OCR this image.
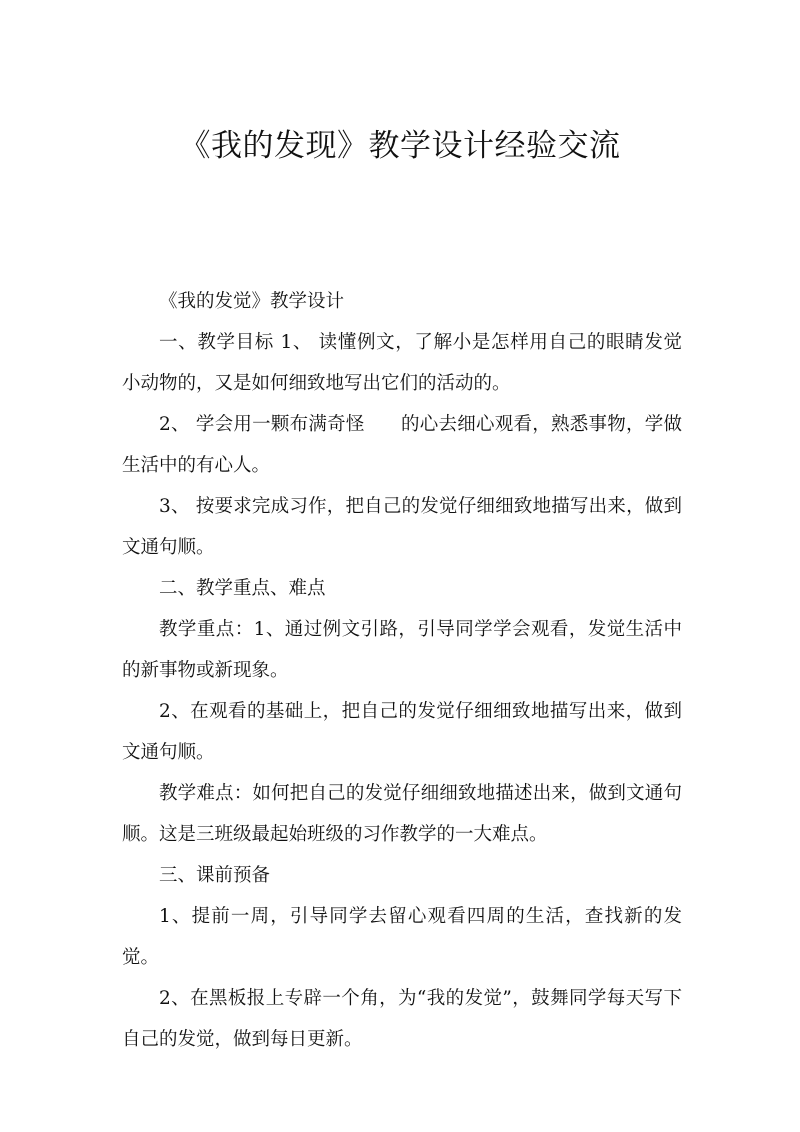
《我的发现》教学设计经验交流

《我的发觉》教学设计

一、教学目标 1、 读懂例文，了解小是怎样用自己的眼睛发觉小动物的，又是如何细致地写出它们的活动的。

2、 学会用一颗布满奇怪 的心去细心观看，熟悉事物，学做生活中的有心人。

3、 按要求完成习作，把自己的发觉仔细细致地描写出来，做到文通句顺。

二、教学重点、难点

教学重点：1、通过例文引路，引导同学学会观看，发觉生活中的新事物或新现象。

2、在观看的基础上，把自己的发觉仔细细致地描写出来，做到文通句顺。

教学难点：如何把自己的发觉仔细细致地描述出来，做到文通句顺。这是三班级最起始班级的习作教学的一大难点。

三、课前预备

1、提前一周，引导同学去留心观看四周的生活，查找新的发觉。

2、在黑板报上专辟一个角，为“我的发觉”，鼓舞同学每天写下自己的发觉，做到每日更新。
